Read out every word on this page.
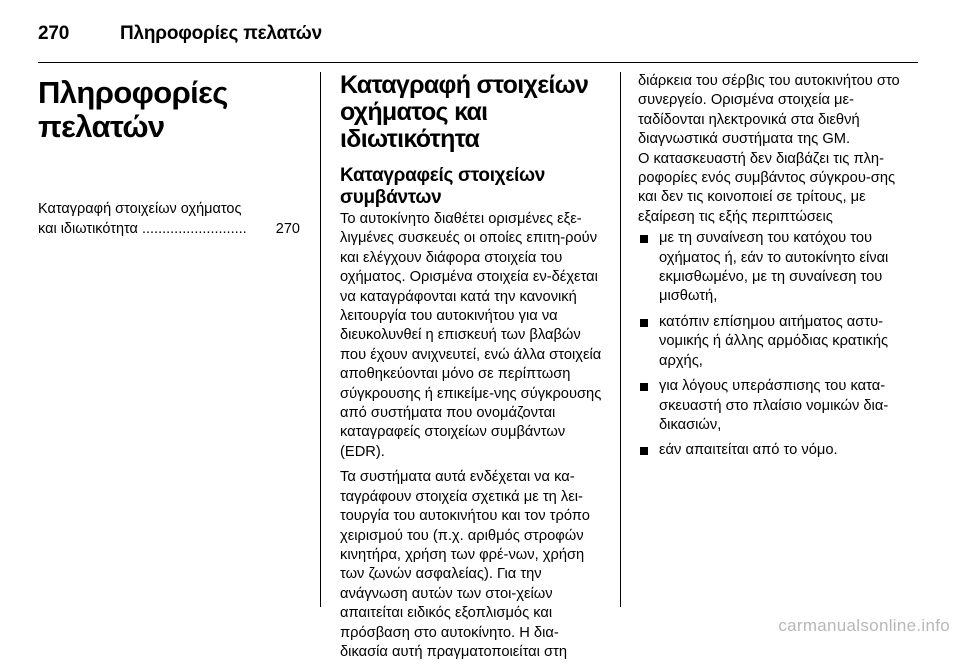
270	Πληροφορίες πελατών
Πληροφορίες
πελατών
Καταγραφή στοιχείων οχήματος
και ιδιωτικότητα
..........................
	270
Καταγραφή στοιχείων
οχήματος και ιδιωτικότητα
Καταγραφείς στοιχείων
συμβάντων

Το αυτοκίνητο διαθέτει ορισμένες εξε-λιγμένες συσκευές οι οποίες επιτη-ρούν και ελέγχουν διάφορα στοιχεία του οχήματος. Ορισμένα στοιχεία εν-δέχεται να καταγράφονται κατά την κανονική λειτουργία του αυτοκινήτου για να διευκολυνθεί η επισκευή των βλαβών που έχουν ανιχνευτεί, ενώ άλλα στοιχεία αποθηκεύονται μόνο σε περίπτωση σύγκρουσης ή επικείμε-νης σύγκρουσης από συστήματα που ονομάζονται καταγραφείς στοιχείων συμβάντων (EDR).

Τα συστήματα αυτά ενδέχεται να κα-ταγράφουν στοιχεία σχετικά με τη λει-τουργία του αυτοκινήτου και τον τρόπο χειρισμού του (π.χ. αριθμός στροφών κινητήρα, χρήση των φρέ-νων, χρήση των ζωνών ασφαλείας). Για την ανάγνωση αυτών των στοι-χείων απαιτείται ειδικός εξοπλισμός και πρόσβαση στο αυτοκίνητο. Η δια-δικασία αυτή πραγματοποιείται στη

διάρκεια του σέρβις του αυτοκινήτου στο συνεργείο. Ορισμένα στοιχεία με-ταδίδονται ηλεκτρονικά στα διεθνή διαγνωστικά συστήματα της GM.

Ο κατασκευαστή δεν διαβάζει τις πλη-ροφορίες ενός συμβάντος σύγκρου-σης και δεν τις κοινοποιεί σε τρίτους, με εξαίρεση τις εξής περιπτώσεις

με τη συναίνεση του κατόχου του οχήματος ή, εάν το αυτοκίνητο είναι εκμισθωμένο, με τη συναίνεση του μισθωτή,
κατόπιν επίσημου αιτήματος αστυ-νομικής ή άλλης αρμόδιας κρατικής αρχής,
για λόγους υπεράσπισης του κατα-σκευαστή στο πλαίσιο νομικών δια-δικασιών,
εάν απαιτείται από το νόμο.
carmanualsonline.info
